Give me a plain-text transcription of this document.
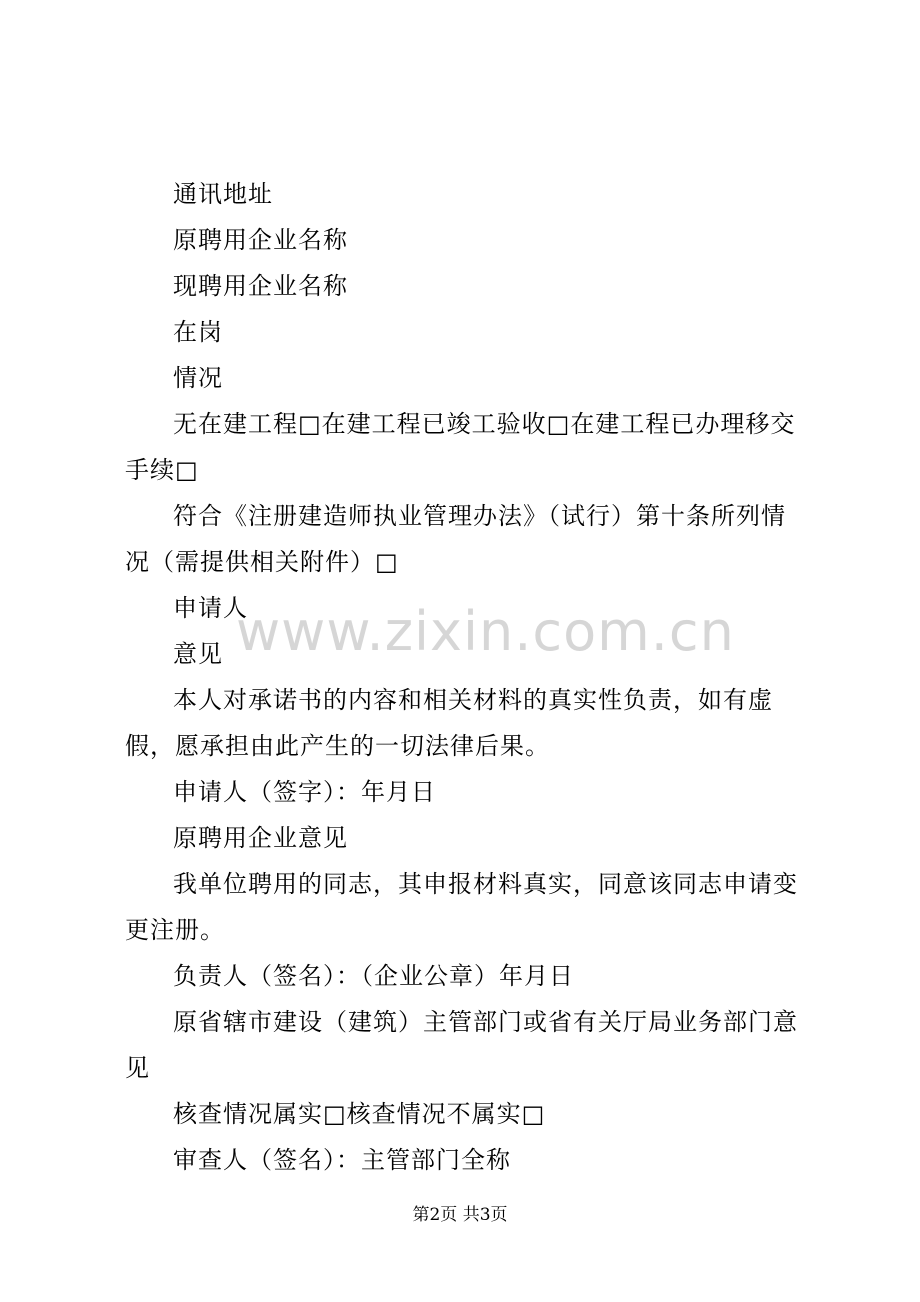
通讯地址

原聘用企业名称

现聘用企业名称

在岗

情况

无在建工程□在建工程已竣工验收□在建工程已办理移交手续□

符合《注册建造师执业管理办法》（试行）第十条所列情况（需提供相关附件）□

申请人

意见

本人对承诺书的内容和相关材料的真实性负责，如有虚假，愿承担由此产生的一切法律后果。

申请人（签字）：年月日

原聘用企业意见

我单位聘用的同志，其申报材料真实，同意该同志申请变更注册。

负责人（签名）：（企业公章）年月日

原省辖市建设（建筑）主管部门或省有关厅局业务部门意见

核查情况属实□核查情况不属实□

审查人（签名）：主管部门全称

www.zixin.com.cn
第2页 共3页
